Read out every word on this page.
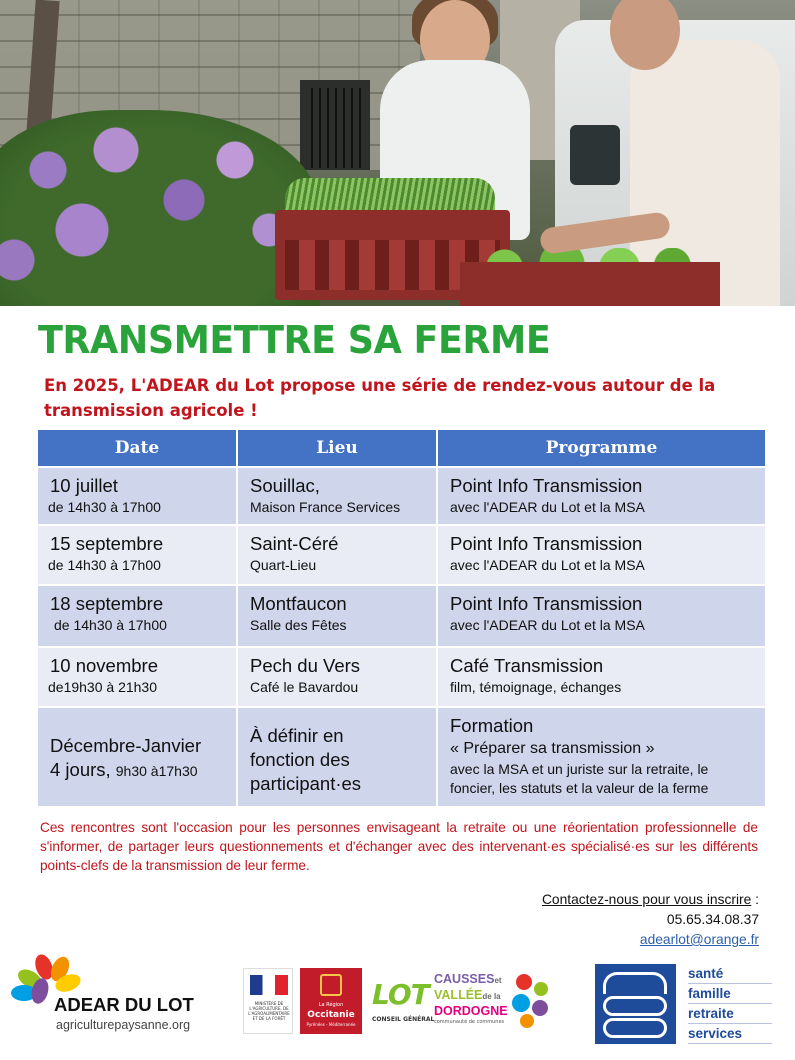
TRANSMETTRE SA FERME

En 2025, L'ADEAR du Lot propose une série de rendez-vous autour de la transmission agricole !

Date	Lieu	Programme
10 juillet
de 14h30 à 17h00
Souillac,
Maison France Services
Point Info Transmission
avec l'ADEAR du Lot et la MSA
15 septembre
de 14h30 à 17h00
Saint-Céré
Quart-Lieu
Point Info Transmission
avec l'ADEAR du Lot et la MSA
18 septembre
de 14h30 à 17h00
Montfaucon
Salle des Fêtes
Point Info Transmission
avec l'ADEAR du Lot et la MSA
10 novembre
de19h30 à 21h30
Pech du Vers
Café le Bavardou
Café Transmission
film, témoignage, échanges
Décembre-Janvier
4 jours, 9h30 à17h30
À définir en fonction des participant·es
Formation
« Préparer sa transmission »
avec la MSA et un juriste sur la retraite, le foncier, les statuts et la valeur de la ferme

Ces rencontres sont l'occasion pour les personnes envisageant la retraite ou une réorientation professionnelle de s'informer, de partager leurs questionnements et d'échanger avec des intervenant·es spécialisé·es sur les différents points-clefs de la transmission de leur ferme.

Contactez-nous pour vous inscrire :
05.65.34.08.37
adearlot@orange.fr
ADEAR DU LOT
agriculturepaysanne.org
MINISTÈRE DE L'AGRICULTURE, DE L'AGROALIMENTAIRE ET DE LA FORÊT
La Région
Occitanie
Pyrénées - Méditerranée
LOT
CONSEIL GÉNÉRAL
CAUSSESet
VALLÉEde la
DORDOGNE
communauté de communes
santé
famille
retraite
services
